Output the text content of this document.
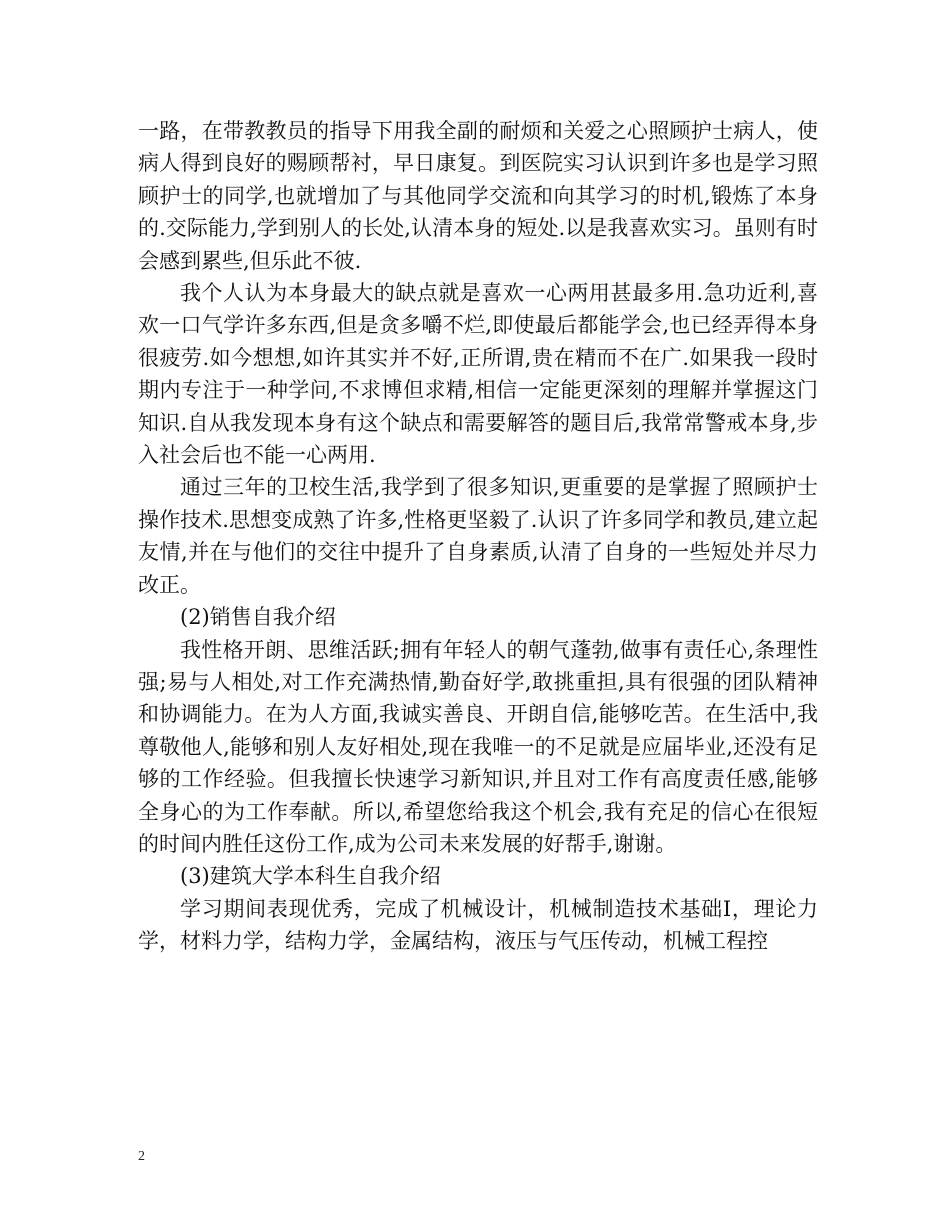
一路，在带教教员的指导下用我全副的耐烦和关爱之心照顾护士病人，使病人得到良好的赐顾帮衬，早日康复。到医院实习认识到许多也是学习照顾护士的同学,也就增加了与其他同学交流和向其学习的时机,锻炼了本身的.交际能力,学到别人的长处,认清本身的短处.以是我喜欢实习。虽则有时会感到累些,但乐此不彼.

我个人认为本身最大的缺点就是喜欢一心两用甚最多用.急功近利,喜欢一口气学许多东西,但是贪多嚼不烂,即使最后都能学会,也已经弄得本身很疲劳.如今想想,如许其实并不好,正所谓,贵在精而不在广.如果我一段时期内专注于一种学问,不求博但求精,相信一定能更深刻的理解并掌握这门知识.自从我发现本身有这个缺点和需要解答的题目后,我常常警戒本身,步入社会后也不能一心两用.

通过三年的卫校生活,我学到了很多知识,更重要的是掌握了照顾护士操作技术.思想变成熟了许多,性格更坚毅了.认识了许多同学和教员,建立起友情,并在与他们的交往中提升了自身素质,认清了自身的一些短处并尽力改正。

(2)销售自我介绍

我性格开朗、思维活跃;拥有年轻人的朝气蓬勃,做事有责任心,条理性强;易与人相处,对工作充满热情,勤奋好学,敢挑重担,具有很强的团队精神和协调能力。在为人方面,我诚实善良、开朗自信,能够吃苦。在生活中,我尊敬他人,能够和别人友好相处,现在我唯一的不足就是应届毕业,还没有足够的工作经验。但我擅长快速学习新知识,并且对工作有高度责任感,能够全身心的为工作奉献。所以,希望您给我这个机会,我有充足的信心在很短的时间内胜任这份工作,成为公司未来发展的好帮手,谢谢。

(3)建筑大学本科生自我介绍

学习期间表现优秀，完成了机械设计，机械制造技术基础Ⅰ，理论力学，材料力学，结构力学，金属结构，液压与气压传动，机械工程控

2
